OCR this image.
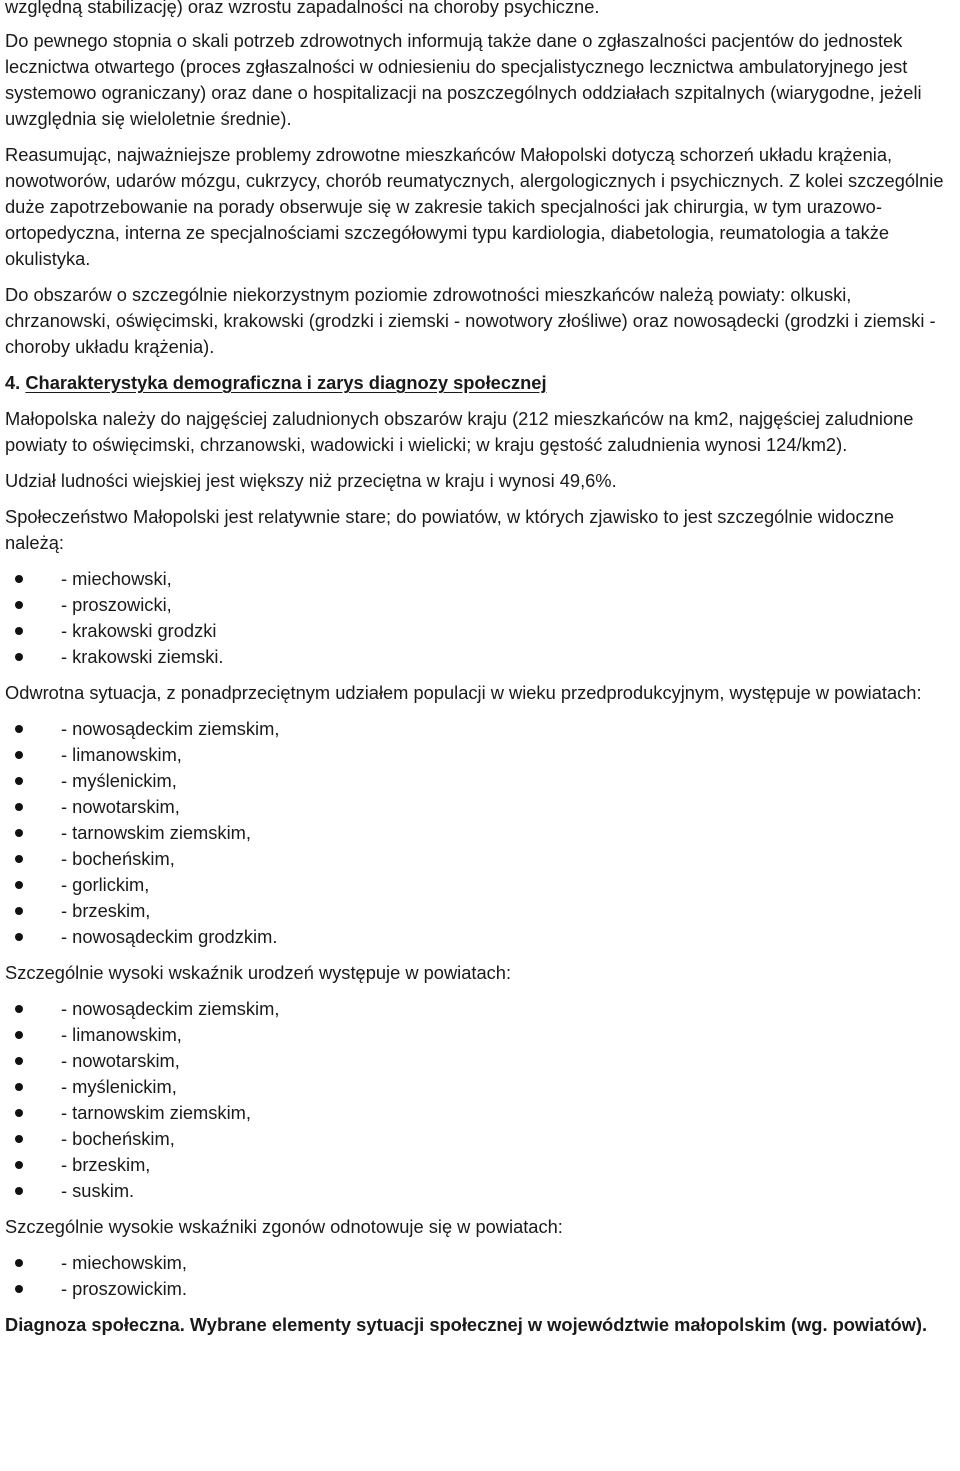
względną stabilizację) oraz wzrostu zapadalności na choroby psychiczne.

Do pewnego stopnia o skali potrzeb zdrowotnych informują także dane o zgłaszalności pacjentów do jednostek lecznictwa otwartego (proces zgłaszalności w odniesieniu do specjalistycznego lecznictwa ambulatoryjnego jest systemowo ograniczany) oraz dane o hospitalizacji na poszczególnych oddziałach szpitalnych (wiarygodne, jeżeli uwzględnia się wieloletnie średnie).

Reasumując, najważniejsze problemy zdrowotne mieszkańców Małopolski dotyczą schorzeń układu krążenia, nowotworów, udarów mózgu, cukrzycy, chorób reumatycznych, alergologicznych i psychicznych. Z kolei szczególnie duże zapotrzebowanie na porady obserwuje się w zakresie takich specjalności jak chirurgia, w tym urazowo-ortopedyczna, interna ze specjalnościami szczegółowymi typu kardiologia, diabetologia, reumatologia a także okulistyka.

Do obszarów o szczególnie niekorzystnym poziomie zdrowotności mieszkańców należą powiaty: olkuski, chrzanowski, oświęcimski, krakowski (grodzki i ziemski - nowotwory złośliwe) oraz nowosądecki (grodzki i ziemski - choroby układu krążenia).

4. Charakterystyka demograficzna i zarys diagnozy społecznej

Małopolska należy do najgęściej zaludnionych obszarów kraju (212 mieszkańców na km2, najgęściej zaludnione powiaty to oświęcimski, chrzanowski, wadowicki i wielicki; w kraju gęstość zaludnienia wynosi 124/km2).

Udział ludności wiejskiej jest większy niż przeciętna w kraju i wynosi 49,6%.

Społeczeństwo Małopolski jest relatywnie stare; do powiatów, w których zjawisko to jest szczególnie widoczne należą:

- miechowski,
- proszowicki,
- krakowski grodzki
- krakowski ziemski.

Odwrotna sytuacja, z ponadprzeciętnym udziałem populacji w wieku przedprodukcyjnym, występuje w powiatach:

- nowosądeckim ziemskim,
- limanowskim,
- myślenickim,
- nowotarskim,
- tarnowskim ziemskim,
- bocheńskim,
- gorlickim,
- brzeskim,
- nowosądeckim grodzkim.

Szczególnie wysoki wskaźnik urodzeń występuje w powiatach:

- nowosądeckim ziemskim,
- limanowskim,
- nowotarskim,
- myślenickim,
- tarnowskim ziemskim,
- bocheńskim,
- brzeskim,
- suskim.

Szczególnie wysokie wskaźniki zgonów odnotowuje się w powiatach:

- miechowskim,
- proszowickim.

Diagnoza społeczna. Wybrane elementy sytuacji społecznej w województwie małopolskim (wg. powiatów).
